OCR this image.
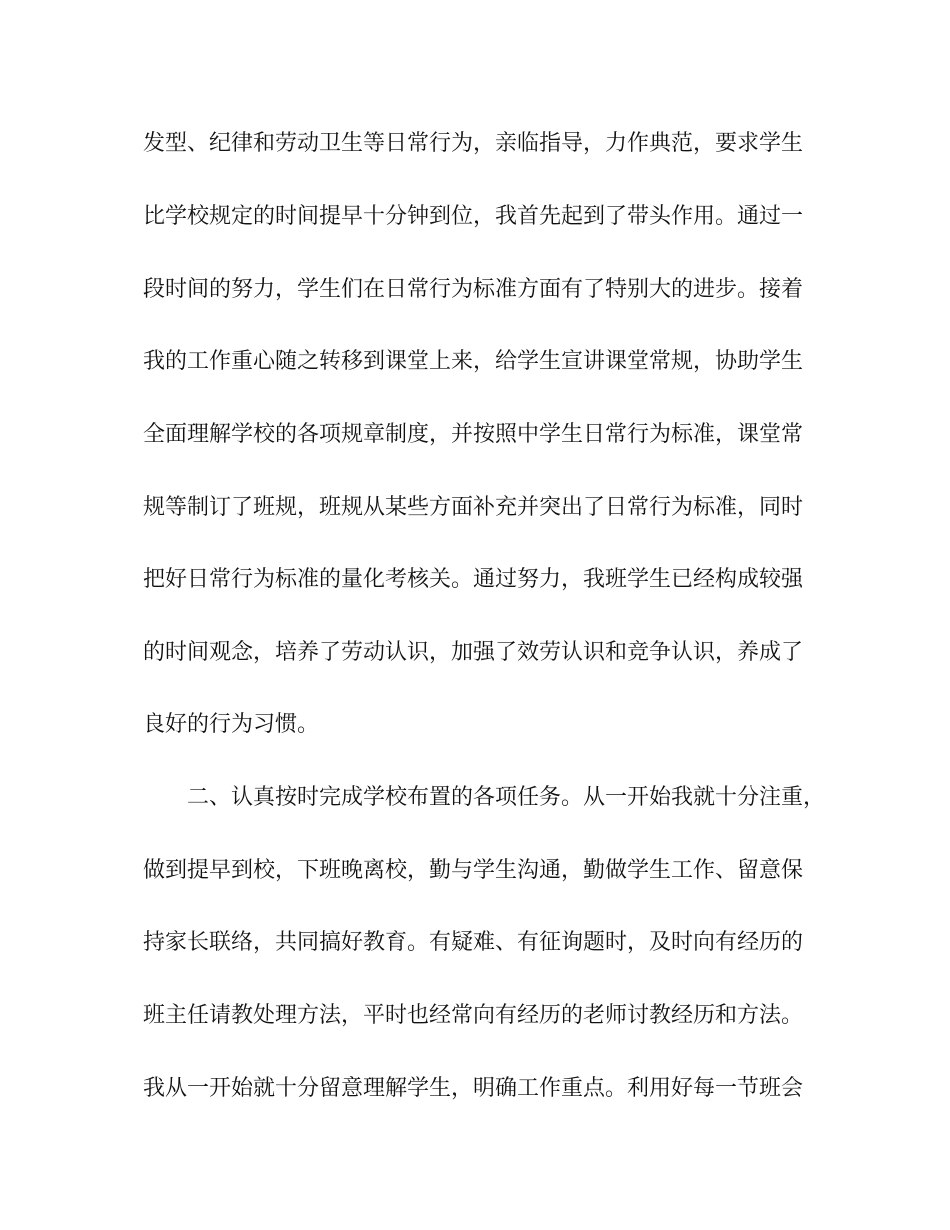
发型、纪律和劳动卫生等日常行为，亲临指导，力作典范，要求学生
比学校规定的时间提早十分钟到位，我首先起到了带头作用。通过一
段时间的努力，学生们在日常行为标准方面有了特别大的进步。接着
我的工作重心随之转移到课堂上来，给学生宣讲课堂常规，协助学生
全面理解学校的各项规章制度，并按照中学生日常行为标准，课堂常
规等制订了班规，班规从某些方面补充并突出了日常行为标准，同时
把好日常行为标准的量化考核关。通过努力，我班学生已经构成较强
的时间观念，培养了劳动认识，加强了效劳认识和竞争认识，养成了
良好的行为习惯。
二、认真按时完成学校布置的各项任务。从一开始我就十分注重，
做到提早到校，下班晚离校，勤与学生沟通，勤做学生工作、留意保
持家长联络，共同搞好教育。有疑难、有征询题时，及时向有经历的
班主任请教处理方法，平时也经常向有经历的老师讨教经历和方法。
我从一开始就十分留意理解学生，明确工作重点。利用好每一节班会
